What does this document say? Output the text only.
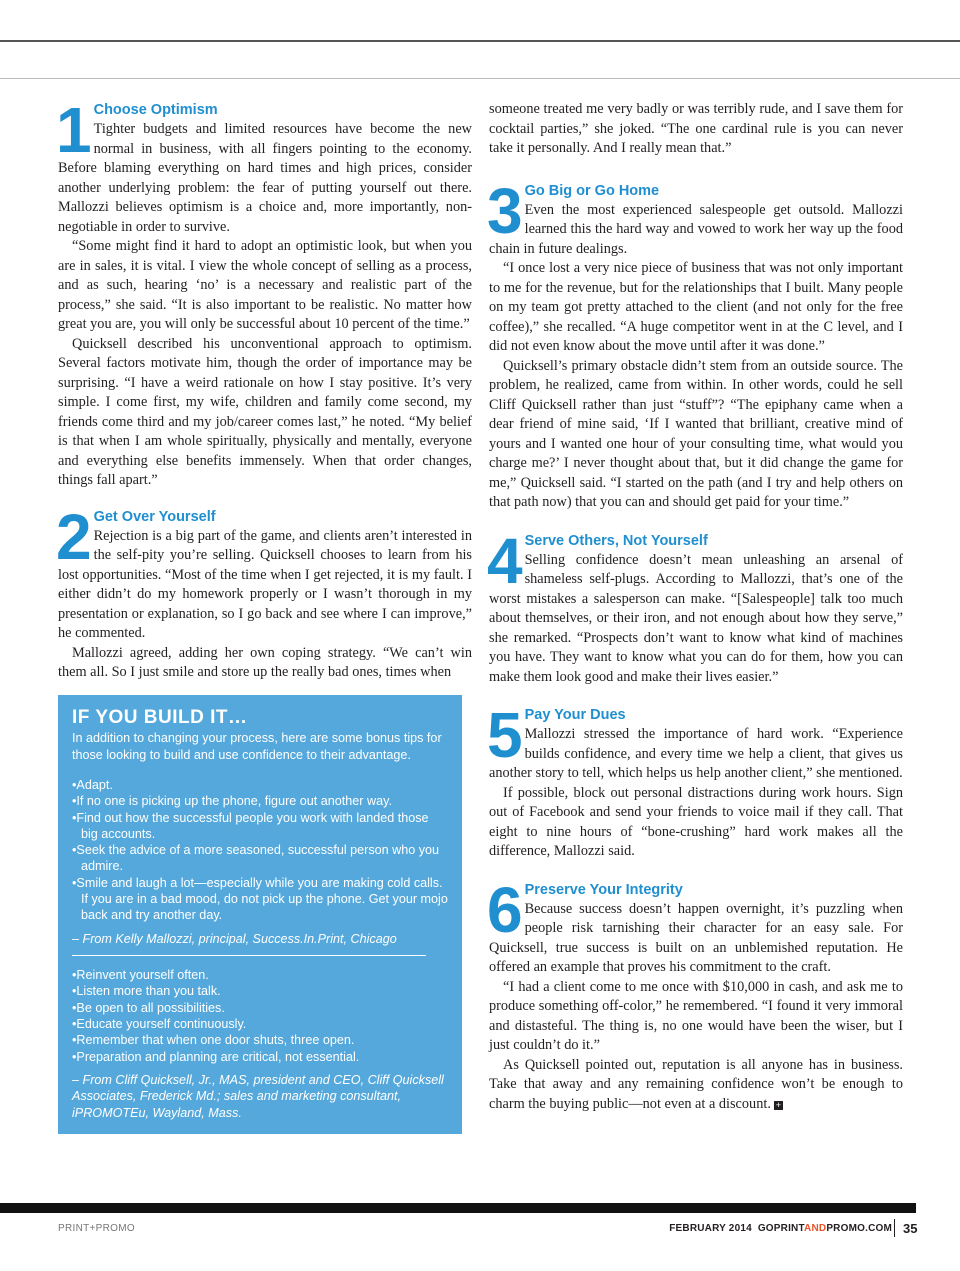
1 Choose Optimism

Tighter budgets and limited resources have become the new normal in business, with all fingers pointing to the economy. Before blaming everything on hard times and high prices, consider another underlying problem: the fear of putting yourself out there. Mallozzi believes optimism is a choice and, more importantly, non-negotiable in order to survive.

“Some might find it hard to adopt an optimistic look, but when you are in sales, it is vital. I view the whole concept of selling as a process, and as such, hearing ‘no’ is a necessary and realistic part of the process,” she said. “It is also important to be realistic. No matter how great you are, you will only be successful about 10 percent of the time.”

Quicksell described his unconventional approach to optimism. Several factors motivate him, though the order of importance may be surprising. “I have a weird rationale on how I stay positive. It’s very simple. I come first, my wife, children and family come second, my friends come third and my job/career comes last,” he noted. “My belief is that when I am whole spiritually, physically and mentally, everyone and everything else benefits immensely. When that order changes, things fall apart.”

2 Get Over Yourself

Rejection is a big part of the game, and clients aren’t interested in the self-pity you’re selling. Quicksell chooses to learn from his lost opportunities. “Most of the time when I get rejected, it is my fault. I either didn’t do my homework properly or I wasn’t thorough in my presentation or explanation, so I go back and see where I can improve,” he commented.

Mallozzi agreed, adding her own coping strategy. “We can’t win them all. So I just smile and store up the really bad ones, times when

IF YOU BUILD IT…
In addition to changing your process, here are some bonus tips for those looking to build and use confidence to their advantage.
• Adapt.
• If no one is picking up the phone, figure out another way.
• Find out how the successful people you work with landed those big accounts.
• Seek the advice of a more seasoned, successful person who you admire.
• Smile and laugh a lot—especially while you are making cold calls. If you are in a bad mood, do not pick up the phone. Get your mojo back and try another day.
– From Kelly Mallozzi, principal, Success.In.Print, Chicago
• Reinvent yourself often.
• Listen more than you talk.
• Be open to all possibilities.
• Educate yourself continuously.
• Remember that when one door shuts, three open.
• Preparation and planning are critical, not essential.
– From Cliff Quicksell, Jr., MAS, president and CEO, Cliff Quicksell Associates, Frederick Md.; sales and marketing consultant, iPROMOTEu, Wayland, Mass.

someone treated me very badly or was terribly rude, and I save them for cocktail parties,” she joked. “The one cardinal rule is you can never take it personally. And I really mean that.”

3 Go Big or Go Home

Even the most experienced salespeople get outsold. Mallozzi learned this the hard way and vowed to work her way up the food chain in future dealings.

“I once lost a very nice piece of business that was not only important to me for the revenue, but for the relationships that I built. Many people on my team got pretty attached to the client (and not only for the free coffee),” she recalled. “A huge competitor went in at the C level, and I did not even know about the move until after it was done.”

Quicksell’s primary obstacle didn’t stem from an outside source. The problem, he realized, came from within. In other words, could he sell Cliff Quicksell rather than just “stuff”? “The epiphany came when a dear friend of mine said, ‘If I wanted that brilliant, creative mind of yours and I wanted one hour of your consulting time, what would you charge me?’ I never thought about that, but it did change the game for me,” Quicksell said. “I started on the path (and I try and help others on that path now) that you can and should get paid for your time.”

4 Serve Others, Not Yourself

Selling confidence doesn’t mean unleashing an arsenal of shameless self-plugs. According to Mallozzi, that’s one of the worst mistakes a salesperson can make. “[Salespeople] talk too much about themselves, or their iron, and not enough about how they serve,” she remarked. “Prospects don’t want to know what kind of machines you have. They want to know what you can do for them, how you can make them look good and make their lives easier.”

5 Pay Your Dues

Mallozzi stressed the importance of hard work. “Experience builds confidence, and every time we help a client, that gives us another story to tell, which helps us help another client,” she mentioned.

If possible, block out personal distractions during work hours. Sign out of Facebook and send your friends to voice mail if they call. That eight to nine hours of “bone-crushing” hard work makes all the difference, Mallozzi said.

6 Preserve Your Integrity

Because success doesn’t happen overnight, it’s puzzling when people risk tarnishing their character for an easy sale. For Quicksell, true success is built on an unblemished reputation. He offered an example that proves his commitment to the craft.

“I had a client come to me once with $10,000 in cash, and ask me to produce something off-color,” he remembered. “I found it very immoral and distasteful. The thing is, no one would have been the wiser, but I just couldn’t do it.”

As Quicksell pointed out, reputation is all anyone has in business. Take that away and any remaining confidence won’t be enough to charm the buying public—not even at a discount. +

PRINT+PROMO	FEBRUARY 2014 GOPRINTANDPROMO.COM 35
